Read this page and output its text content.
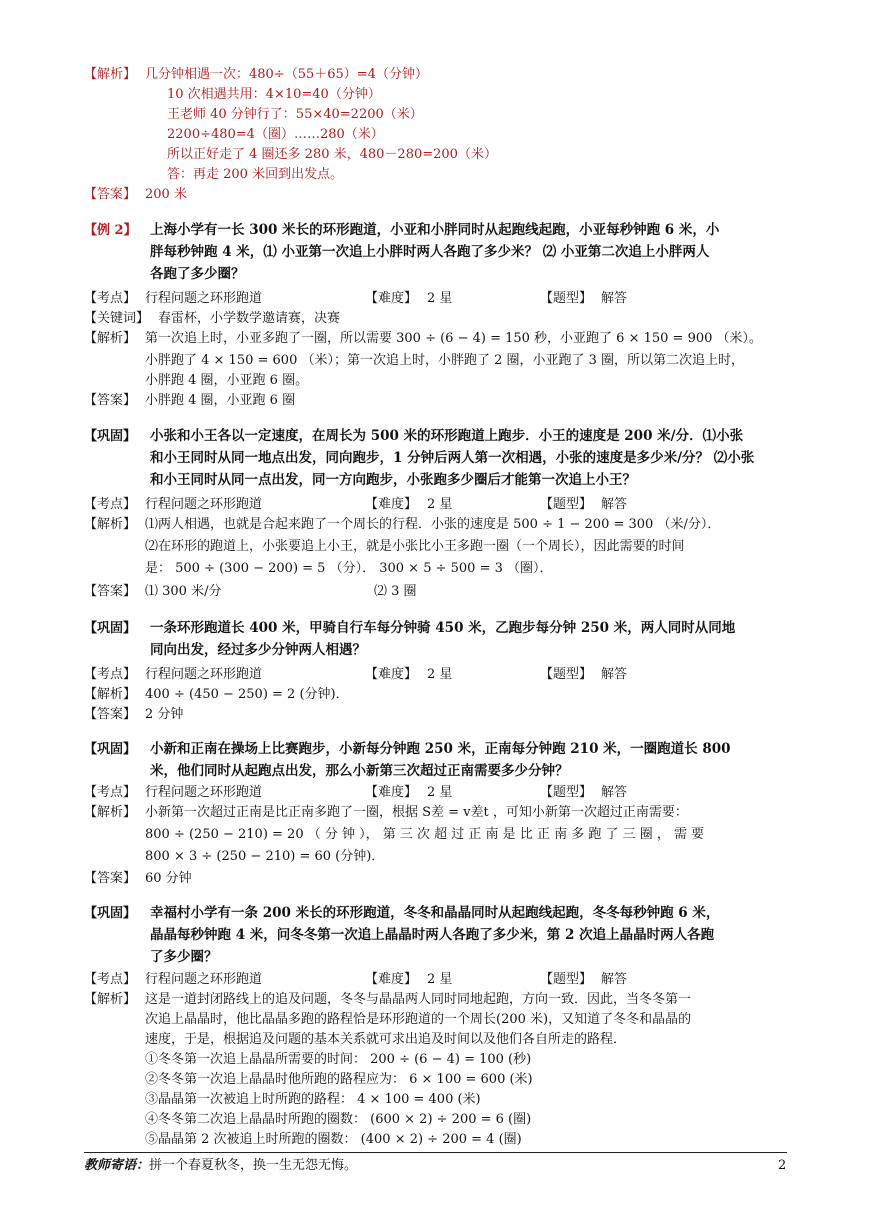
【解析】 几分钟相遇一次：480÷（55＋65）=4（分钟）
10 次相遇共用：4×10=40（分钟）
王老师 40 分钟行了：55×40=2200（米）
2200÷480=4（圈）……280（米）
所以正好走了 4 圈还多 280 米，480－280=200（米）
答：再走 200 米回到出发点。
【答案】 200 米
【例 2】 上海小学有一长 300 米长的环形跑道，小亚和小胖同时从起跑线起跑，小亚每秒钟跑 6 米，小
胖每秒钟跑 4 米，⑴ 小亚第一次追上小胖时两人各跑了多少米？ ⑵ 小亚第二次追上小胖两人
各跑了多少圈？
【考点】 行程问题之环形跑道	【难度】 2 星	【题型】 解答
【关键词】 春雷杯，小学数学邀请赛，决赛
【解析】 第一次追上时，小亚多跑了一圈，所以需要 300 ÷ (6 − 4) = 150 秒，小亚跑了 6 × 150 = 900 （米）。
小胖跑了 4 × 150 = 600 （米）；第一次追上时，小胖跑了 2 圈，小亚跑了 3 圈，所以第二次追上时，
小胖跑 4 圈，小亚跑 6 圈。
【答案】 小胖跑 4 圈，小亚跑 6 圈
【巩固】 小张和小王各以一定速度，在周长为 500 米的环形跑道上跑步．小王的速度是 200 米/分．⑴小张
和小王同时从同一地点出发，同向跑步，1 分钟后两人第一次相遇，小张的速度是多少米/分？ ⑵小张
和小王同时从同一点出发，同一方向跑步，小张跑多少圈后才能第一次追上小王？
【考点】 行程问题之环形跑道	【难度】 2 星	【题型】 解答
【解析】 ⑴两人相遇，也就是合起来跑了一个周长的行程．小张的速度是 500 ÷ 1 − 200 = 300 （米/分）．
⑵在环形的跑道上，小张要追上小王，就是小张比小王多跑一圈（一个周长），因此需要的时间
是： 500 ÷ (300 − 200) = 5 （分）． 300 × 5 ÷ 500 = 3 （圈）．
【答案】 ⑴ 300 米/分	⑵ 3 圈
【巩固】 一条环形跑道长 400 米，甲骑自行车每分钟骑 450 米，乙跑步每分钟 250 米，两人同时从同地
同向出发，经过多少分钟两人相遇？
【考点】 行程问题之环形跑道	【难度】 2 星	【题型】 解答
【解析】 400 ÷ (450 − 250) = 2 (分钟)．
【答案】 2 分钟
【巩固】 小新和正南在操场上比赛跑步，小新每分钟跑 250 米，正南每分钟跑 210 米，一圈跑道长 800
米，他们同时从起跑点出发，那么小新第三次超过正南需要多少分钟？
【考点】 行程问题之环形跑道	【难度】 2 星	【题型】 解答
【解析】 小新第一次超过正南是比正南多跑了一圈，根据 S差 = v差t ，可知小新第一次超过正南需要：
800 ÷ (250 − 210) = 20 （ 分 钟 ）， 第 三 次 超 过 正 南 是 比 正 南 多 跑 了 三 圈 ， 需 要
800 × 3 ÷ (250 − 210) = 60 (分钟)．
【答案】 60 分钟
【巩固】 幸福村小学有一条 200 米长的环形跑道，冬冬和晶晶同时从起跑线起跑，冬冬每秒钟跑 6 米，
晶晶每秒钟跑 4 米，问冬冬第一次追上晶晶时两人各跑了多少米，第 2 次追上晶晶时两人各跑
了多少圈？
【考点】 行程问题之环形跑道	【难度】 2 星	【题型】 解答
【解析】 这是一道封闭路线上的追及问题，冬冬与晶晶两人同时同地起跑，方向一致．因此，当冬冬第一
次追上晶晶时，他比晶晶多跑的路程恰是环形跑道的一个周长(200 米)，又知道了冬冬和晶晶的
速度，于是，根据追及问题的基本关系就可求出追及时间以及他们各自所走的路程．
①冬冬第一次追上晶晶所需要的时间： 200 ÷ (6 − 4) = 100 (秒)
②冬冬第一次追上晶晶时他所跑的路程应为： 6 × 100 = 600 (米)
③晶晶第一次被追上时所跑的路程： 4 × 100 = 400 (米)
④冬冬第二次追上晶晶时所跑的圈数： (600 × 2) ÷ 200 = 6 (圈)
⑤晶晶第 2 次被追上时所跑的圈数： (400 × 2) ÷ 200 = 4 (圈)
教师寄语：拼一个春夏秋冬，换一生无怨无悔。	2
